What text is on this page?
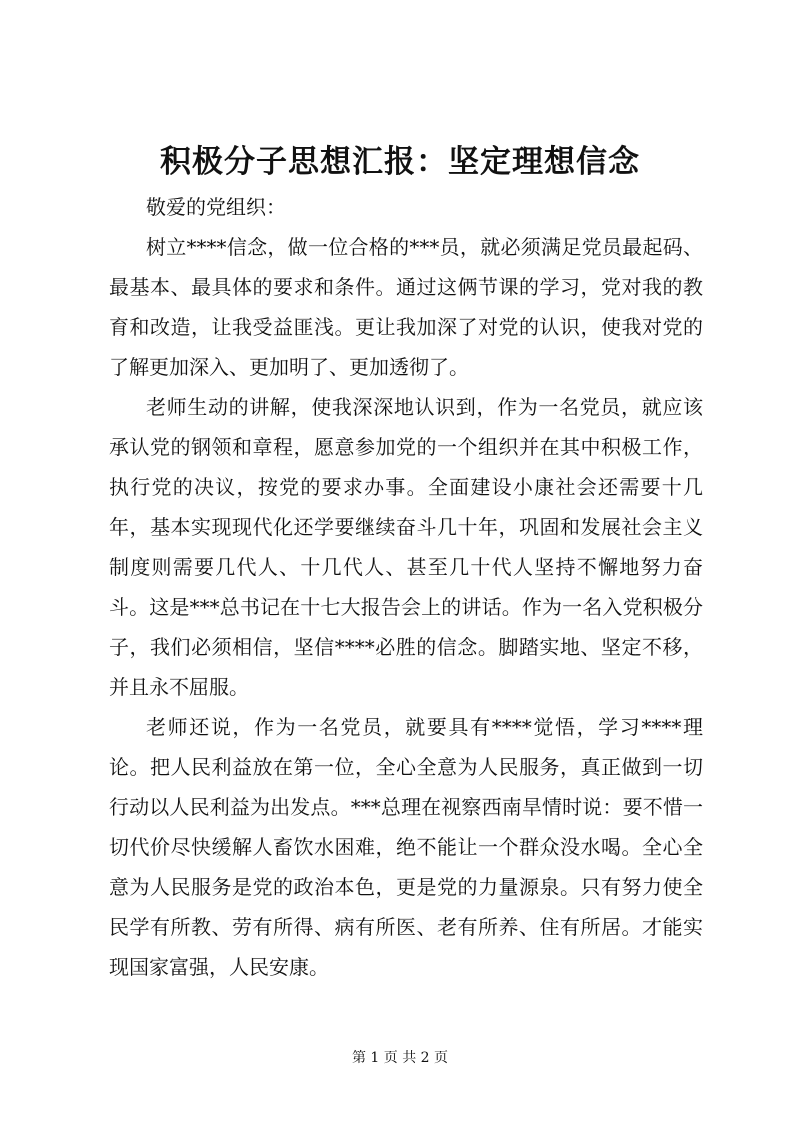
积极分子思想汇报：坚定理想信念

敬爱的党组织：

树立****信念，做一位合格的***员，就必须满足党员最起码、最基本、最具体的要求和条件。通过这俩节课的学习，党对我的教育和改造，让我受益匪浅。更让我加深了对党的认识，使我对党的了解更加深入、更加明了、更加透彻了。

老师生动的讲解，使我深深地认识到，作为一名党员，就应该承认党的钢领和章程，愿意参加党的一个组织并在其中积极工作，执行党的决议，按党的要求办事。全面建设小康社会还需要十几年，基本实现现代化还学要继续奋斗几十年，巩固和发展社会主义制度则需要几代人、十几代人、甚至几十代人坚持不懈地努力奋斗。这是***总书记在十七大报告会上的讲话。作为一名入党积极分子，我们必须相信，坚信****必胜的信念。脚踏实地、坚定不移，并且永不屈服。

老师还说，作为一名党员，就要具有****觉悟，学习****理论。把人民利益放在第一位，全心全意为人民服务，真正做到一切行动以人民利益为出发点。***总理在视察西南旱情时说：要不惜一切代价尽快缓解人畜饮水困难，绝不能让一个群众没水喝。全心全意为人民服务是党的政治本色，更是党的力量源泉。只有努力使全民学有所教、劳有所得、病有所医、老有所养、住有所居。才能实现国家富强，人民安康。

第 1 页 共 2 页
